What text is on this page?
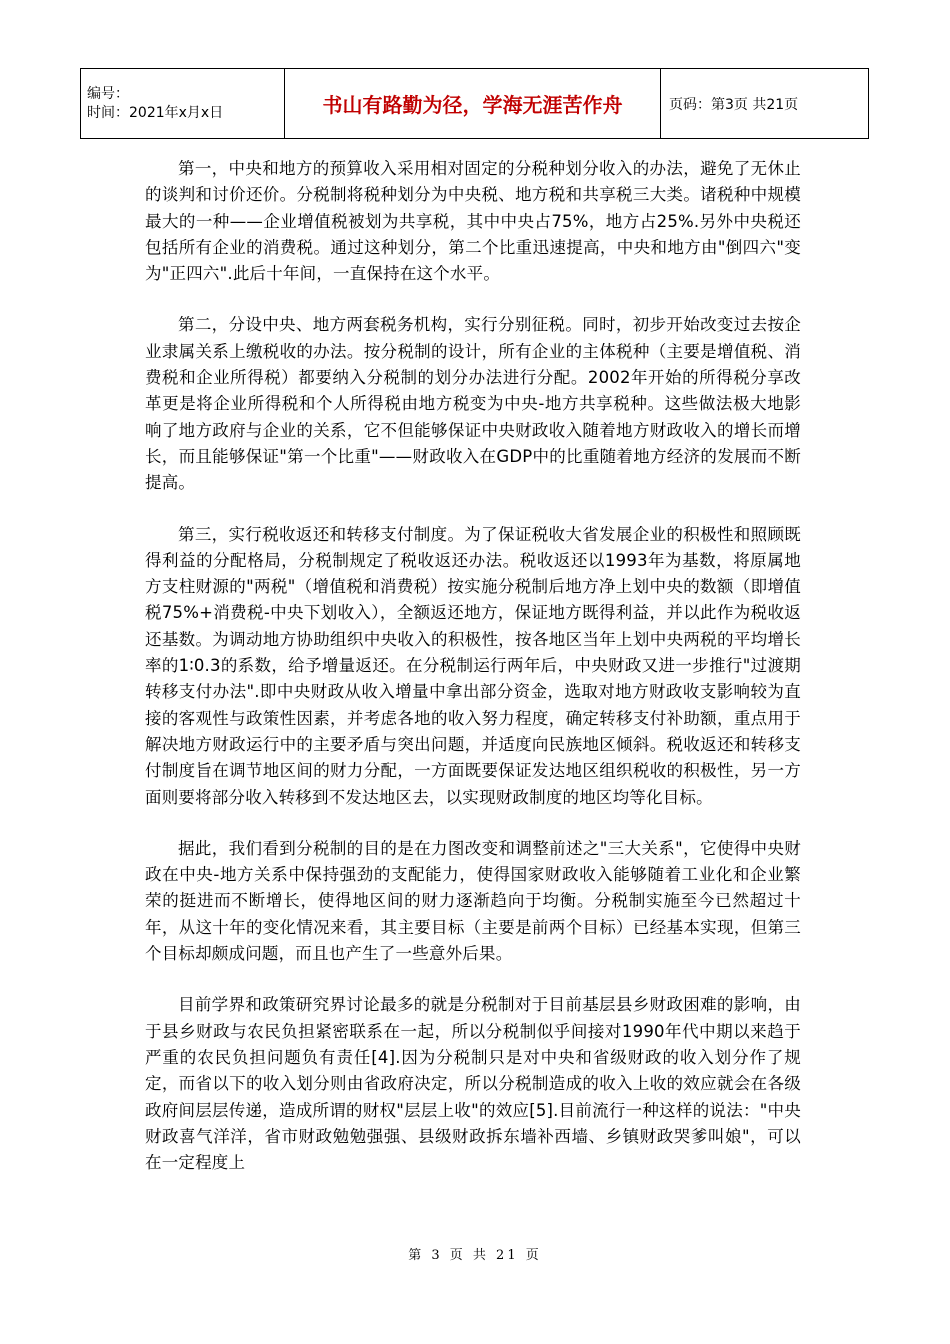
编号：
时间：2021年x月x日	书山有路勤为径，学海无涯苦作舟	页码：第3页 共21页

第一，中央和地方的预算收入采用相对固定的分税种划分收入的办法，避免了无休止的谈判和讨价还价。分税制将税种划分为中央税、地方税和共享税三大类。诸税种中规模最大的一种——企业增值税被划为共享税，其中中央占75%，地方占25%.另外中央税还包括所有企业的消费税。通过这种划分，第二个比重迅速提高，中央和地方由"倒四六"变为"正四六".此后十年间，一直保持在这个水平。

第二，分设中央、地方两套税务机构，实行分别征税。同时，初步开始改变过去按企业隶属关系上缴税收的办法。按分税制的设计，所有企业的主体税种（主要是增值税、消费税和企业所得税）都要纳入分税制的划分办法进行分配。2002年开始的所得税分享改革更是将企业所得税和个人所得税由地方税变为中央-地方共享税种。这些做法极大地影响了地方政府与企业的关系，它不但能够保证中央财政收入随着地方财政收入的增长而增长，而且能够保证"第一个比重"——财政收入在GDP中的比重随着地方经济的发展而不断提高。

第三，实行税收返还和转移支付制度。为了保证税收大省发展企业的积极性和照顾既得利益的分配格局，分税制规定了税收返还办法。税收返还以1993年为基数，将原属地方支柱财源的"两税"（增值税和消费税）按实施分税制后地方净上划中央的数额（即增值税75%+消费税-中央下划收入），全额返还地方，保证地方既得利益，并以此作为税收返还基数。为调动地方协助组织中央收入的积极性，按各地区当年上划中央两税的平均增长率的1∶0.3的系数，给予增量返还。在分税制运行两年后，中央财政又进一步推行"过渡期转移支付办法".即中央财政从收入增量中拿出部分资金，选取对地方财政收支影响较为直接的客观性与政策性因素，并考虑各地的收入努力程度，确定转移支付补助额，重点用于解决地方财政运行中的主要矛盾与突出问题，并适度向民族地区倾斜。税收返还和转移支付制度旨在调节地区间的财力分配，一方面既要保证发达地区组织税收的积极性，另一方面则要将部分收入转移到不发达地区去，以实现财政制度的地区均等化目标。

据此，我们看到分税制的目的是在力图改变和调整前述之"三大关系"，它使得中央财政在中央-地方关系中保持强劲的支配能力，使得国家财政收入能够随着工业化和企业繁荣的挺进而不断增长，使得地区间的财力逐渐趋向于均衡。分税制实施至今已然超过十年，从这十年的变化情况来看，其主要目标（主要是前两个目标）已经基本实现，但第三个目标却颇成问题，而且也产生了一些意外后果。

目前学界和政策研究界讨论最多的就是分税制对于目前基层县乡财政困难的影响，由于县乡财政与农民负担紧密联系在一起，所以分税制似乎间接对1990年代中期以来趋于严重的农民负担问题负有责任[4].因为分税制只是对中央和省级财政的收入划分作了规定，而省以下的收入划分则由省政府决定，所以分税制造成的收入上收的效应就会在各级政府间层层传递，造成所谓的财权"层层上收"的效应[5].目前流行一种这样的说法："中央财政喜气洋洋，省市财政勉勉强强、县级财政拆东墙补西墙、乡镇财政哭爹叫娘"，可以在一定程度上

第 3 页 共 21 页
